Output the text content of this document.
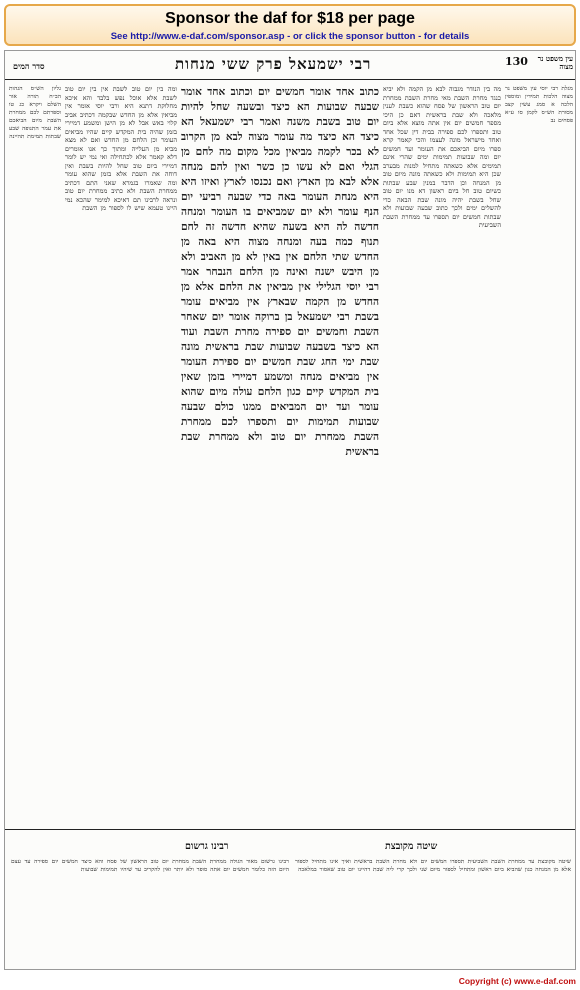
Sponsor the daf for $18 per page
See http://www.e-daf.com/sponsor.asp - or click the sponsor button - for details
סדר המים	רבי ישמעאל פרק ששי מנחות	130	עין משפט נר מצוה
מגלת רבי יוסי עין משפט נר מצוה הלכות תמידין ומוספין הלכה א סמג עשין קצב מסורת הש״ס לקמן סו ע״א פסחים נב
מה בין הנודר מגבוה לבא מן הקמה ולא יביא כנגד מחרת השבת מאי מחרת השבת ממחרת יום טוב הראשון של פסח שהוא כשבת לענין מלאכה ולא שבת בראשית דאם כן היכי מספר חמשים יום אין אתה מוצא אלא ביום טוב ותספרו לכם ספירה בבית דין שכל אחד ואחד מישראל מונה לעצמו והכי קאמר קרא ספרו מיום הביאכם את העומר ועד חמשים יום ומה שבועות תמימות ימים שהרי אינם תמימים אלא כשאתה מתחיל למנות מבערב שכן היא תמימות ולא כשאתה מונה מיום טוב מן המנחה וכן הדבר במנין שבע שבתות כשיום טוב חל ביום ראשון דא מנו יום טוב שחל בשבת יהיה מונה שבת הבאה כדי להשלים ימים ולכך כתוב שבעה שבועות ולא שבתות חמשים יום תספרו עד ממחרת השבת השביעית
כתוב אחד אומר חמשים יום וכתוב אחד אומר שבעה שבועות הא כיצד ובשעה שחל להיות יום טוב בשבת משנה ואמר רבי ישמעאל הא כיצד הא כיצד מה עומר מצוה לבא מן הקרוב לא בכר לקמה מביאין מכל מקום מה לחם מן הגלי ואם לא עשו כן כשר ואין להם מנחה אלא לבא מן הארץ ואם נכנסו לארץ ואיזו היא היא מנחת העומר באה כדי שבעה רביעי יום הנף עומר ולא יום שמביאים בו העומר ומנחה חדשה לה היא בשעה שהיא חדשה זה לחם תנוף כמה בעה ומנחה מצוה היא באה מן החדש שתי הלחם אין באין לא מן האביב ולא מן היבש ישנה ואינה מן הלחם הנבחר אמר רבי יוסי הגלילי אין מביאין את הלחם אלא מן החדש מן הקמה שבארץ אין מביאים עומר בשבת רבי ישמעאל בן ברוקה אומר יום שאחר השבת וחמשים יום ספירה מחרת השבת ועוד הא כיצד בשבעה שבועות שבת בראשית מונה שבת ימי החג שבת חמשים יום ספירת העומר אין מביאים מנחה ומשמע דמיירי בזמן שאין בית המקדש קיים כגון הלחם עולה מיום שהוא עומר ועד יום המביאים ממנו כולם שבעה שבועות תמימות יום ותספרו לכם ממחרת השבת ממחרת יום טוב ולא ממחרת שבת בראשית
ומה בין יום טוב לשבת אין בין יום טוב לשבת אלא אוכל נפש בלבד והא איכא מחלוקת דתנא היא ורבי יוסי אומר אין מביאין אלא מן החדש שבקמה דכתיב אביב קלוי באש אבל לא מן הישן ומשמע דמיירי בזמן שהיה בית המקדש קיים שהיו מביאים העומר וכן הלחם מן החדש ואם לא מצא מביא מן העלייה ומתוך כך אנו אומרים דלא קאמר אלא לכתחילה ואי נמי יש לומר דמיירי ביום טוב שחל להיות בשבת ואין דוחה את השבת אלא בזמן שהוא עומר ומה שאמרו בגמרא שאני התם דכתיב ממחרת השבת ולא כתיב ממחרת יום טוב ונראה לרבינו תם דאיכא למימר שהכא נמי היינו טעמא שיש לו לספור מן השבת
גליון הש״ס הגהות הב״ח תורה אור השלם ויקרא כג טו וספרתם לכם ממחרת השבת מיום הביאכם את עמר התנופה שבע שבתות תמימת תהיינה
רבינו גרשום	שיטה מקובצת
רבינו גרשום מאור הגולה ממחרת השבת ממחרת יום טוב הראשון של פסח והא כיצד חמשים יום ספירה עד עצם היום הזה כלומר חמשים יום אתה סופר ולא יותר ואין להקריב עד שיהיו תמימות שבועות
שיטה מקובצת עד ממחרת השבת השביעית תספרו חמשים יום ולא מחרת השבת בראשית ואיך אינו מתחיל לספור אלא מן המנחה כגון שהביא ביום ראשון ומתחיל לספור מיום שני ולכך קרי ליה שבת דהיינו יום טוב שאסור במלאכה
Copyright (c) www.e-daf.com
